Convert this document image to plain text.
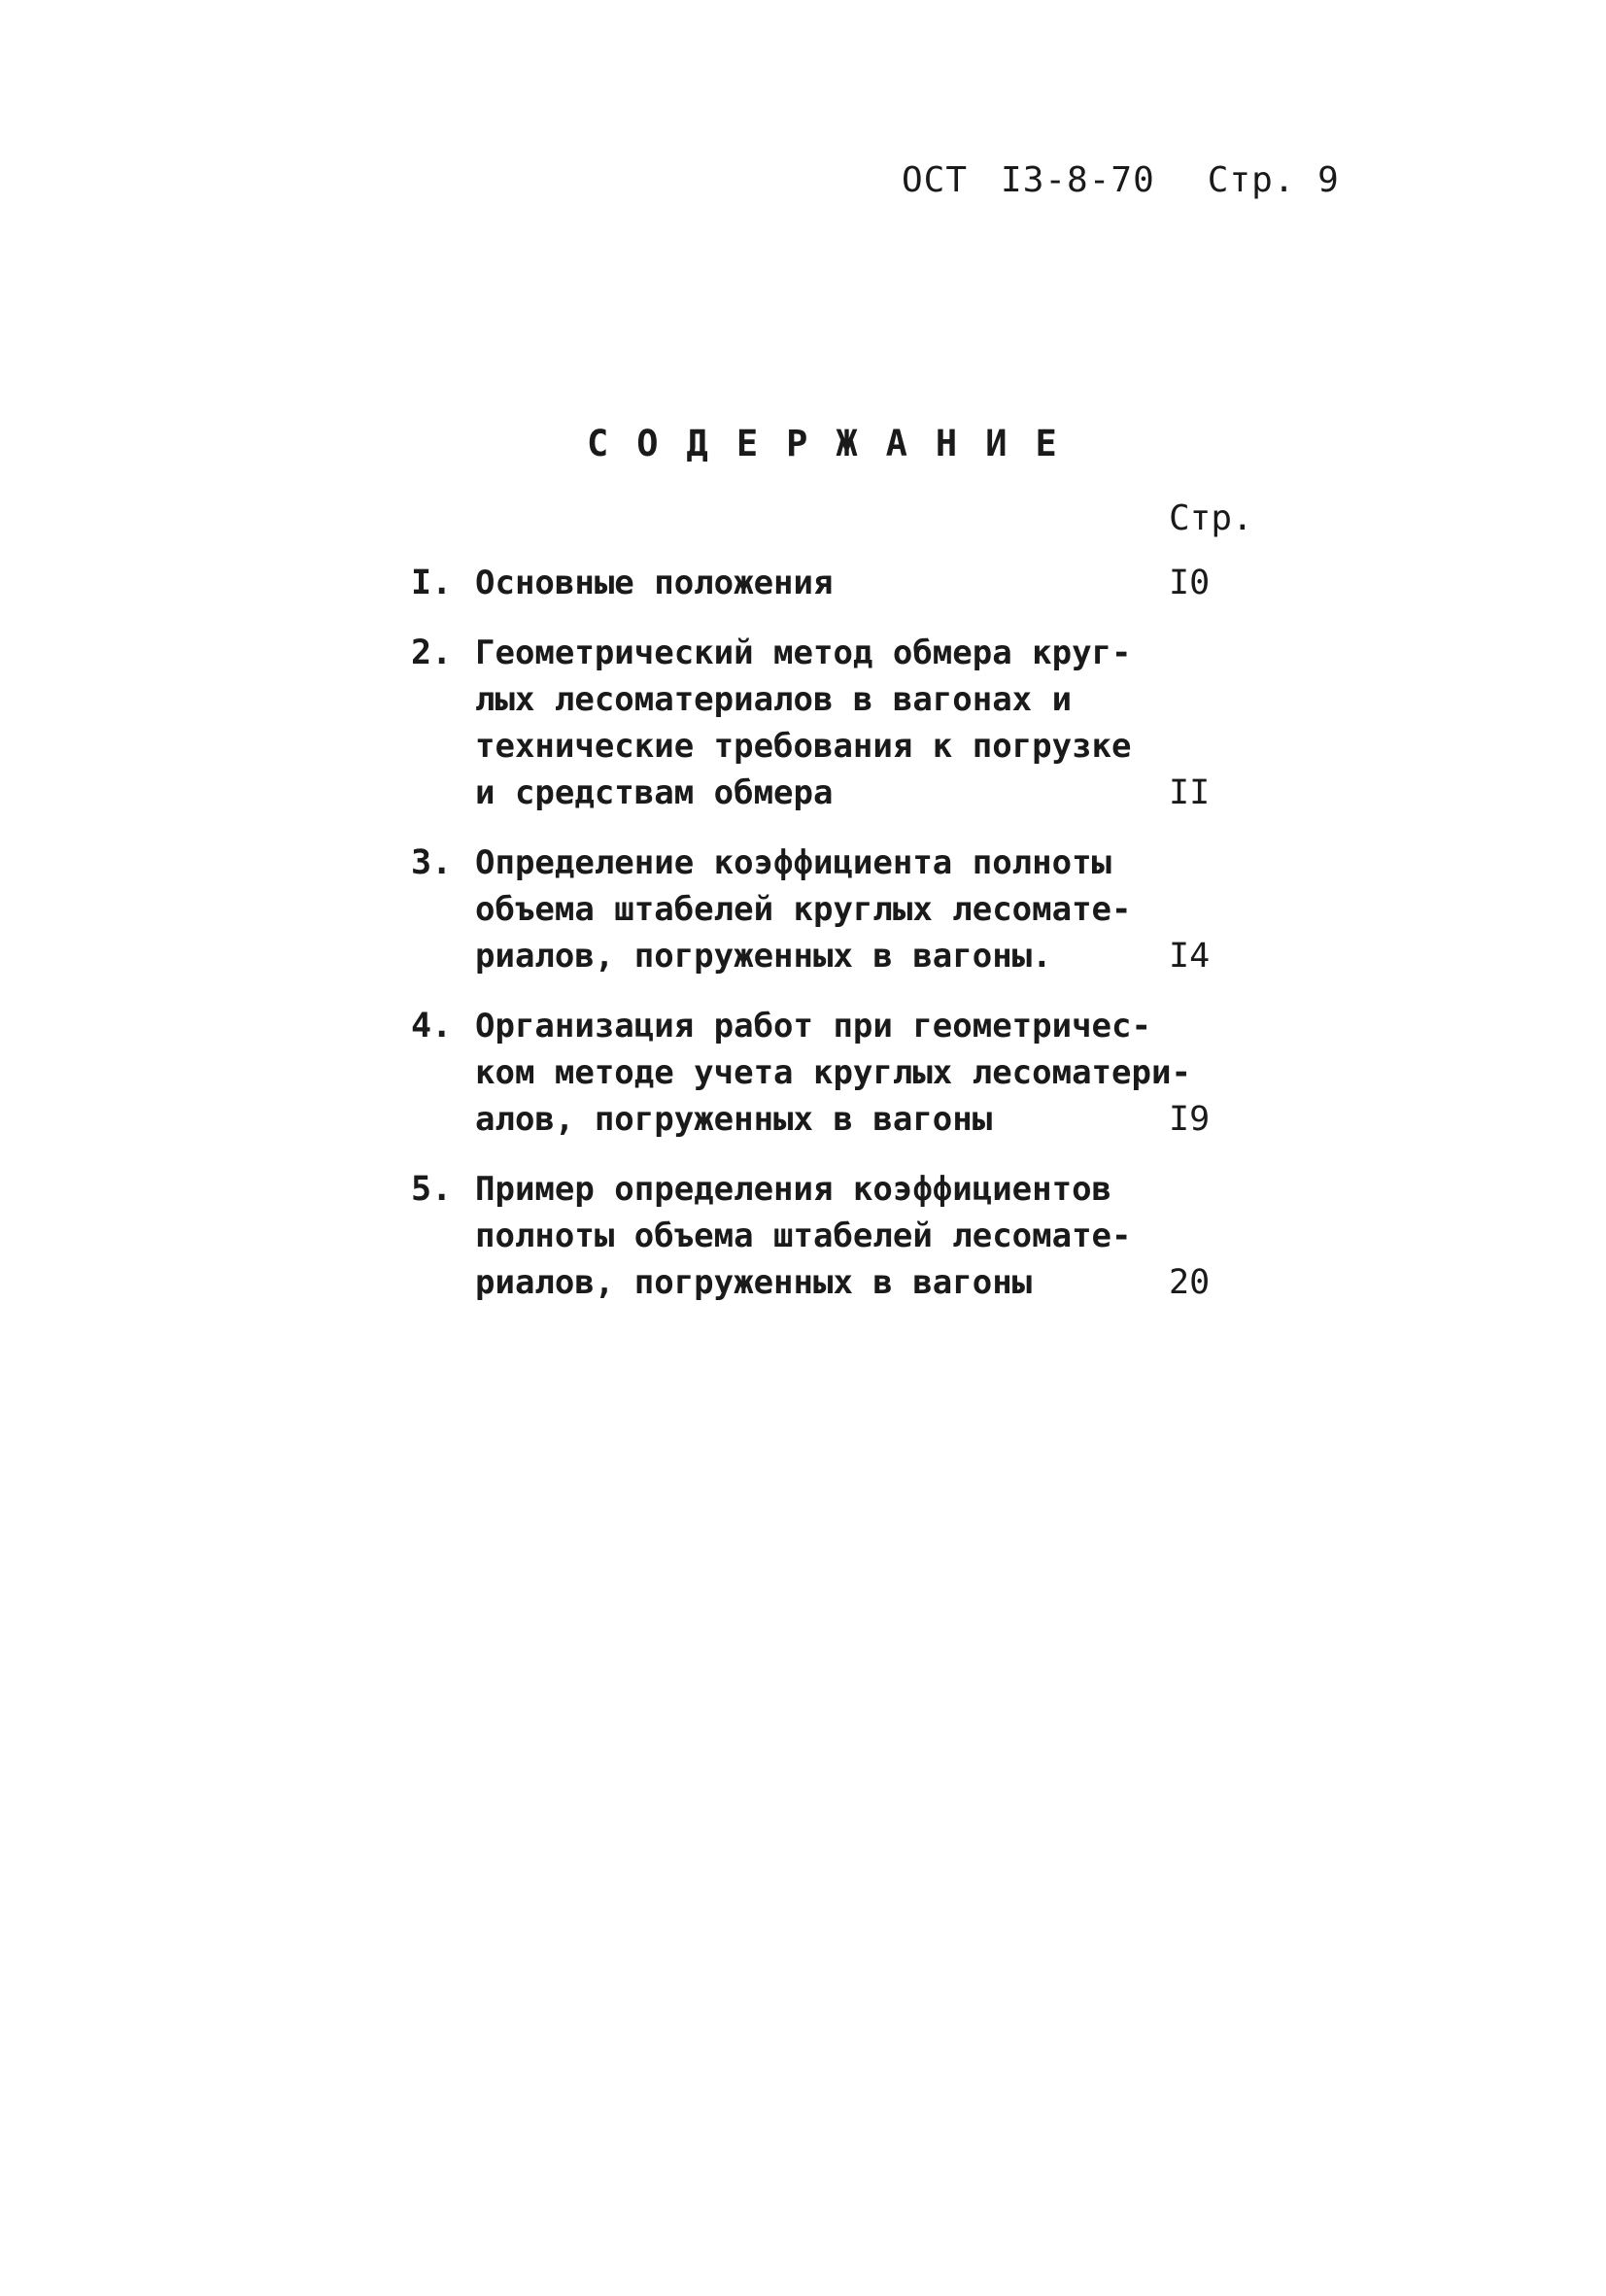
ОСТ I3-8-70 Стр. 9
СОДЕРЖАНИЕ
Стр.
I. Основные положения	I0
2. Геометрический метод обмера круг-
лых лесоматериалов в вагонах и
технические требования к погрузке
и средствам обмера	II
3. Определение коэффициента полноты
объема штабелей круглых лесомате-
риалов, погруженных в вагоны.	I4
4. Организация работ при геометричес-
ком методе учета круглых лесоматери-
алов, погруженных в вагоны	I9
5. Пример определения коэффициентов
полноты объема штабелей лесомате-
риалов, погруженных в вагоны	20
